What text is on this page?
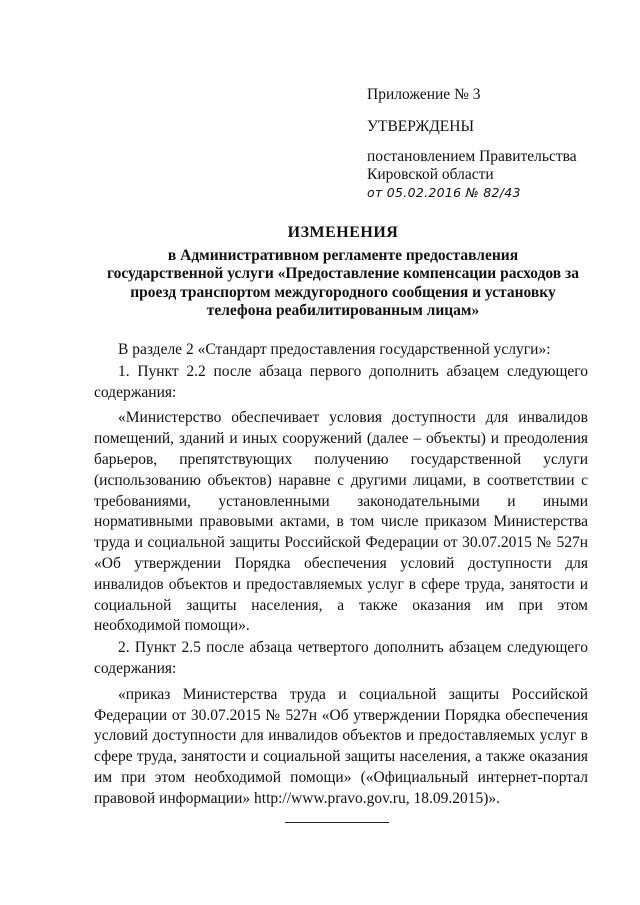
Приложение № 3
УТВЕРЖДЕНЫ
постановлением Правительства
Кировской области
от 05.02.2016 № 82/43
ИЗМЕНЕНИЯ
в Административном регламенте предоставления
государственной услуги «Предоставление компенсации расходов за
проезд транспортом междугородного сообщения и установку
телефона реабилитированным лицам»
В разделе 2 «Стандарт предоставления государственной услуги»:
1. Пункт 2.2 после абзаца первого дополнить абзацем следующего содержания:
«Министерство обеспечивает условия доступности для инвалидов помещений, зданий и иных сооружений (далее – объекты) и преодоления барьеров, препятствующих получению государственной услуги (использованию объектов) наравне с другими лицами, в соответствии с требованиями, установленными законодательными и иными нормативными правовыми актами, в том числе приказом Министерства труда и социальной защиты Российской Федерации от 30.07.2015 № 527н «Об утверждении Порядка обеспечения условий доступности для инвалидов объектов и предоставляемых услуг в сфере труда, занятости и социальной защиты населения, а также оказания им при этом необходимой помощи».
2. Пункт 2.5 после абзаца четвертого дополнить абзацем следующего содержания:
«приказ Министерства труда и социальной защиты Российской Федерации от 30.07.2015 № 527н «Об утверждении Порядка обеспечения условий доступности для инвалидов объектов и предоставляемых услуг в сфере труда, занятости и социальной защиты населения, а также оказания им при этом необходимой помощи» («Официальный интернет-портал правовой информации» http://www.pravo.gov.ru, 18.09.2015)».
